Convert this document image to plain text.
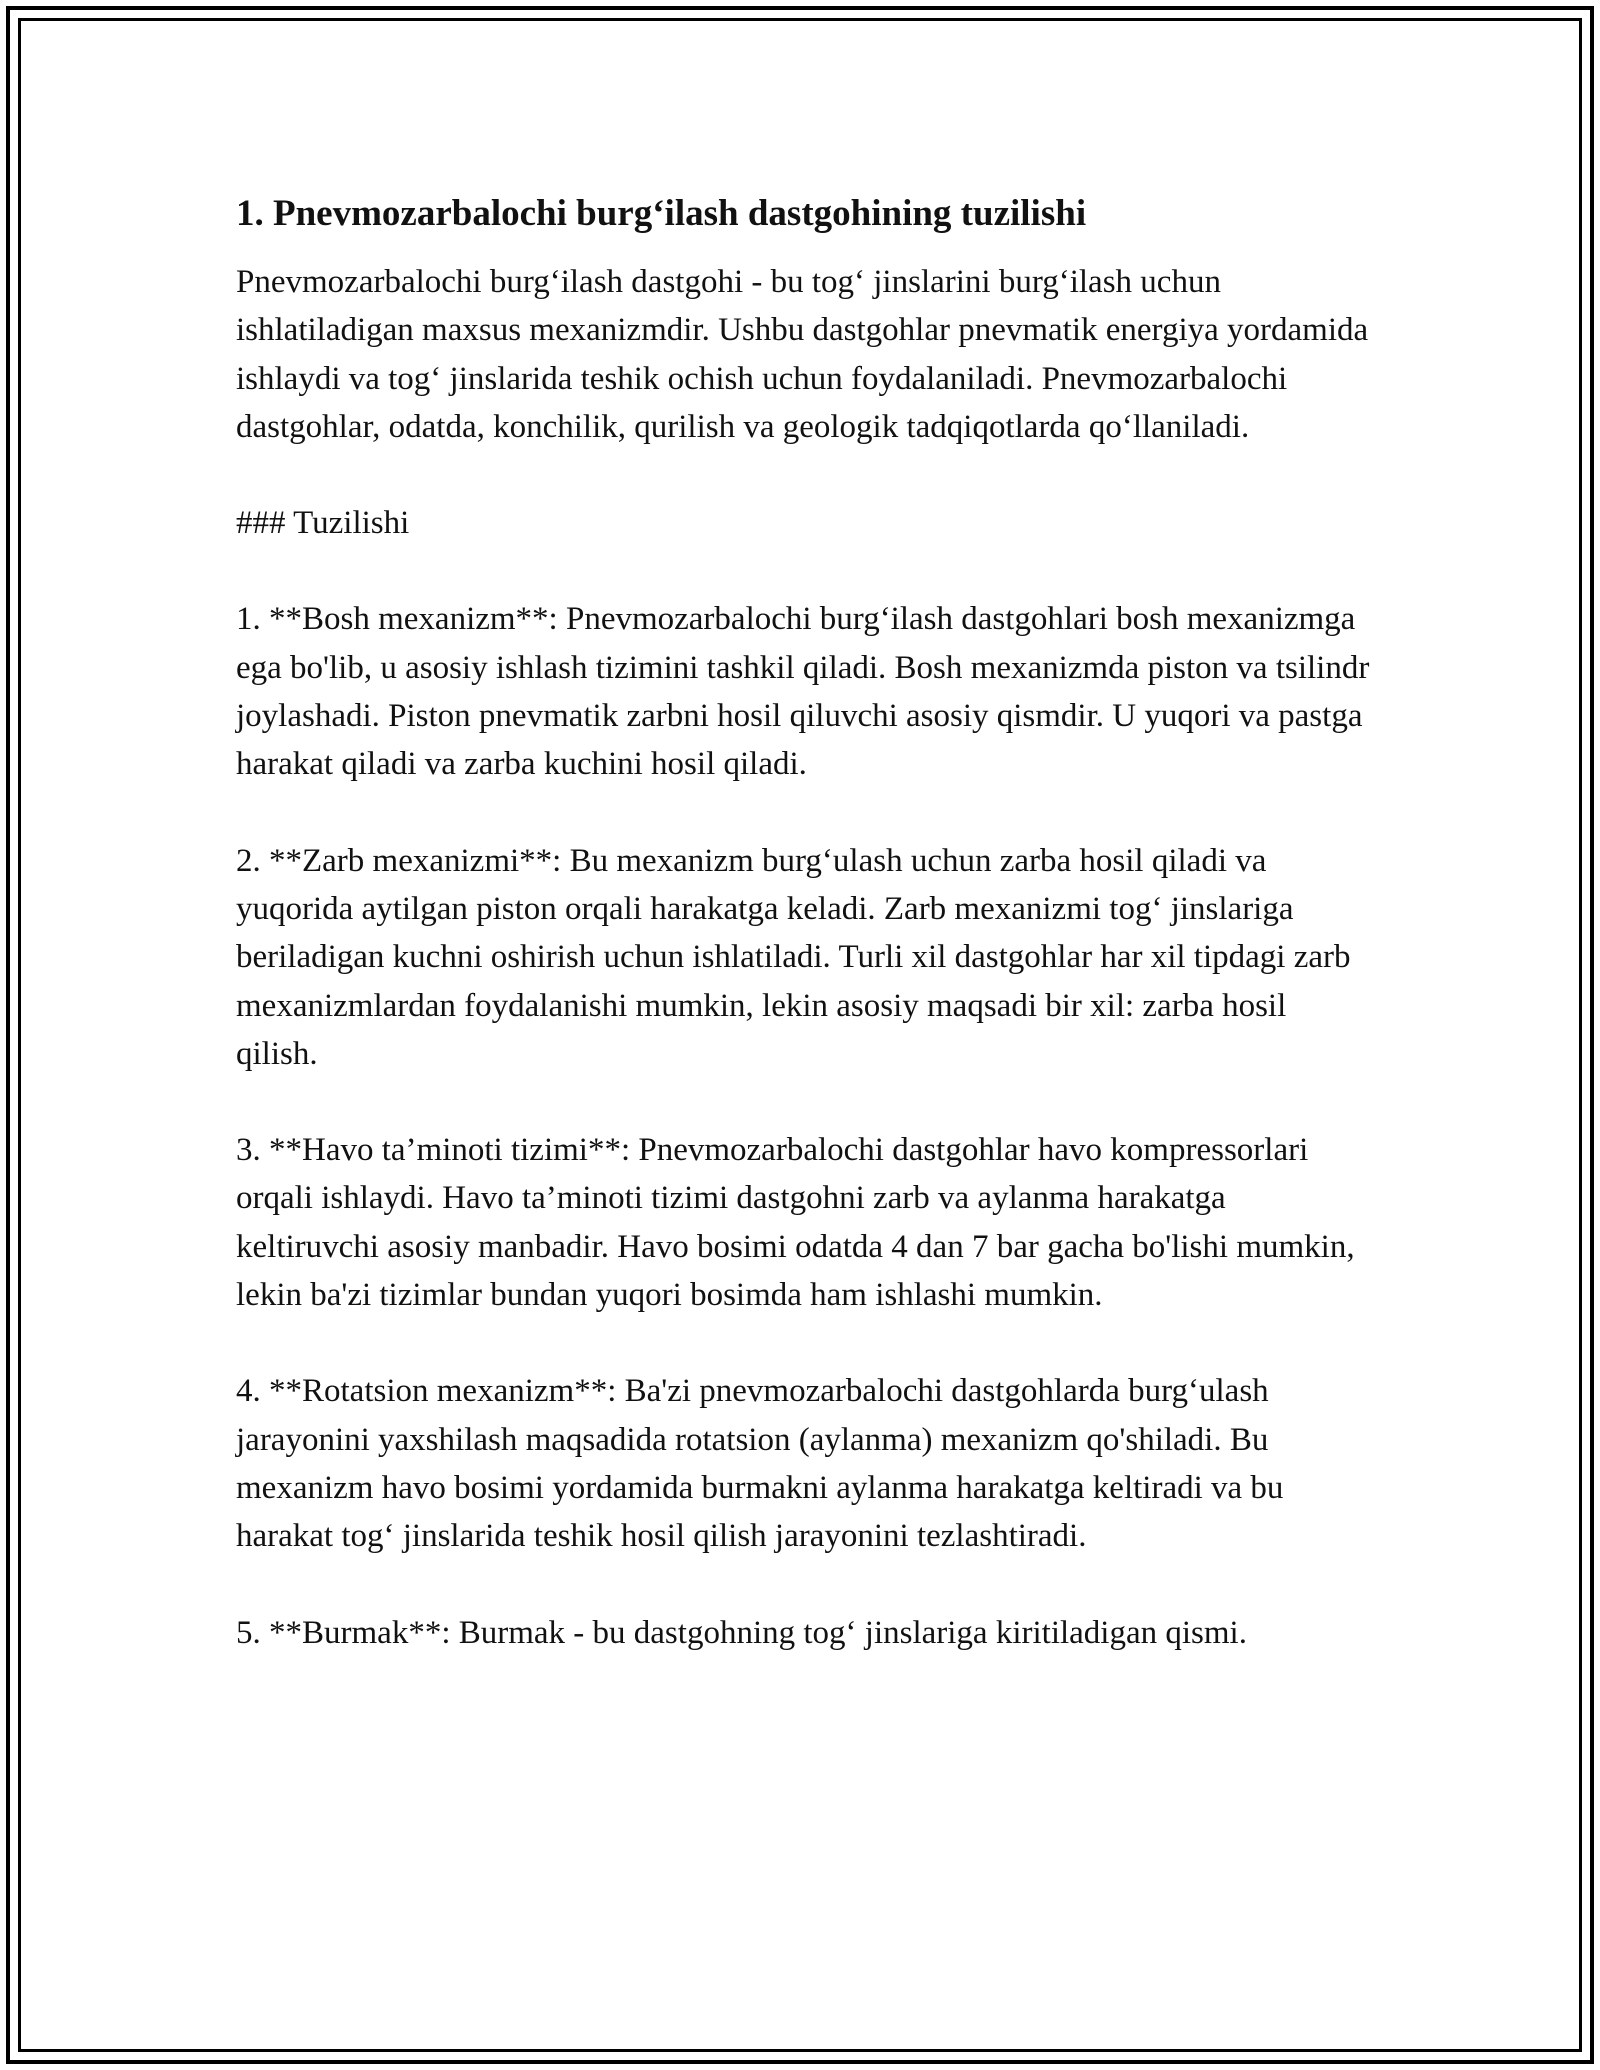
1. Pnevmozarbalochi burg‘ilash dastgohining tuzilishi

Pnevmozarbalochi burg‘ilash dastgohi - bu tog‘ jinslarini burg‘ilash uchun ishlatiladigan maxsus mexanizmdir. Ushbu dastgohlar pnevmatik energiya yordamida ishlaydi va tog‘ jinslarida teshik ochish uchun foydalaniladi. Pnevmozarbalochi dastgohlar, odatda, konchilik, qurilish va geologik tadqiqotlarda qo‘llaniladi.

### Tuzilishi

1. **Bosh mexanizm**: Pnevmozarbalochi burg‘ilash dastgohlari bosh mexanizmga ega bo'lib, u asosiy ishlash tizimini tashkil qiladi. Bosh mexanizmda piston va tsilindr joylashadi. Piston pnevmatik zarbni hosil qiluvchi asosiy qismdir. U yuqori va pastga harakat qiladi va zarba kuchini hosil qiladi.

2. **Zarb mexanizmi**: Bu mexanizm burg‘ulash uchun zarba hosil qiladi va yuqorida aytilgan piston orqali harakatga keladi. Zarb mexanizmi tog‘ jinslariga beriladigan kuchni oshirish uchun ishlatiladi. Turli xil dastgohlar har xil tipdagi zarb mexanizmlardan foydalanishi mumkin, lekin asosiy maqsadi bir xil: zarba hosil qilish.

3. **Havo ta’minoti tizimi**: Pnevmozarbalochi dastgohlar havo kompressorlari orqali ishlaydi. Havo ta’minoti tizimi dastgohni zarb va aylanma harakatga keltiruvchi asosiy manbadir. Havo bosimi odatda 4 dan 7 bar gacha bo'lishi mumkin, lekin ba'zi tizimlar bundan yuqori bosimda ham ishlashi mumkin.

4. **Rotatsion mexanizm**: Ba'zi pnevmozarbalochi dastgohlarda burg‘ulash jarayonini yaxshilash maqsadida rotatsion (aylanma) mexanizm qo'shiladi. Bu mexanizm havo bosimi yordamida burmakni aylanma harakatga keltiradi va bu harakat tog‘ jinslarida teshik hosil qilish jarayonini tezlashtiradi.

5. **Burmak**: Burmak - bu dastgohning tog‘ jinslariga kiritiladigan qismi.
